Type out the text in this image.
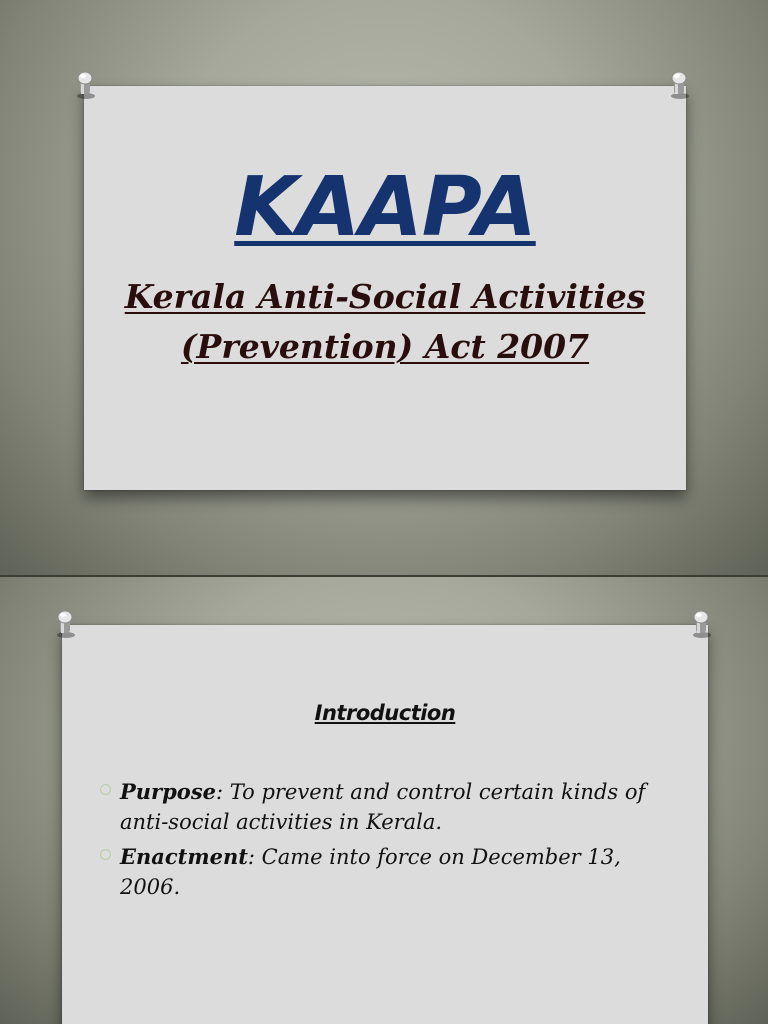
KAAPA
Kerala Anti-Social Activities
(Prevention) Act 2007
Introduction
Purpose: To prevent and control certain kinds of anti-social activities in Kerala.
Enactment: Came into force on December 13, 2006.
